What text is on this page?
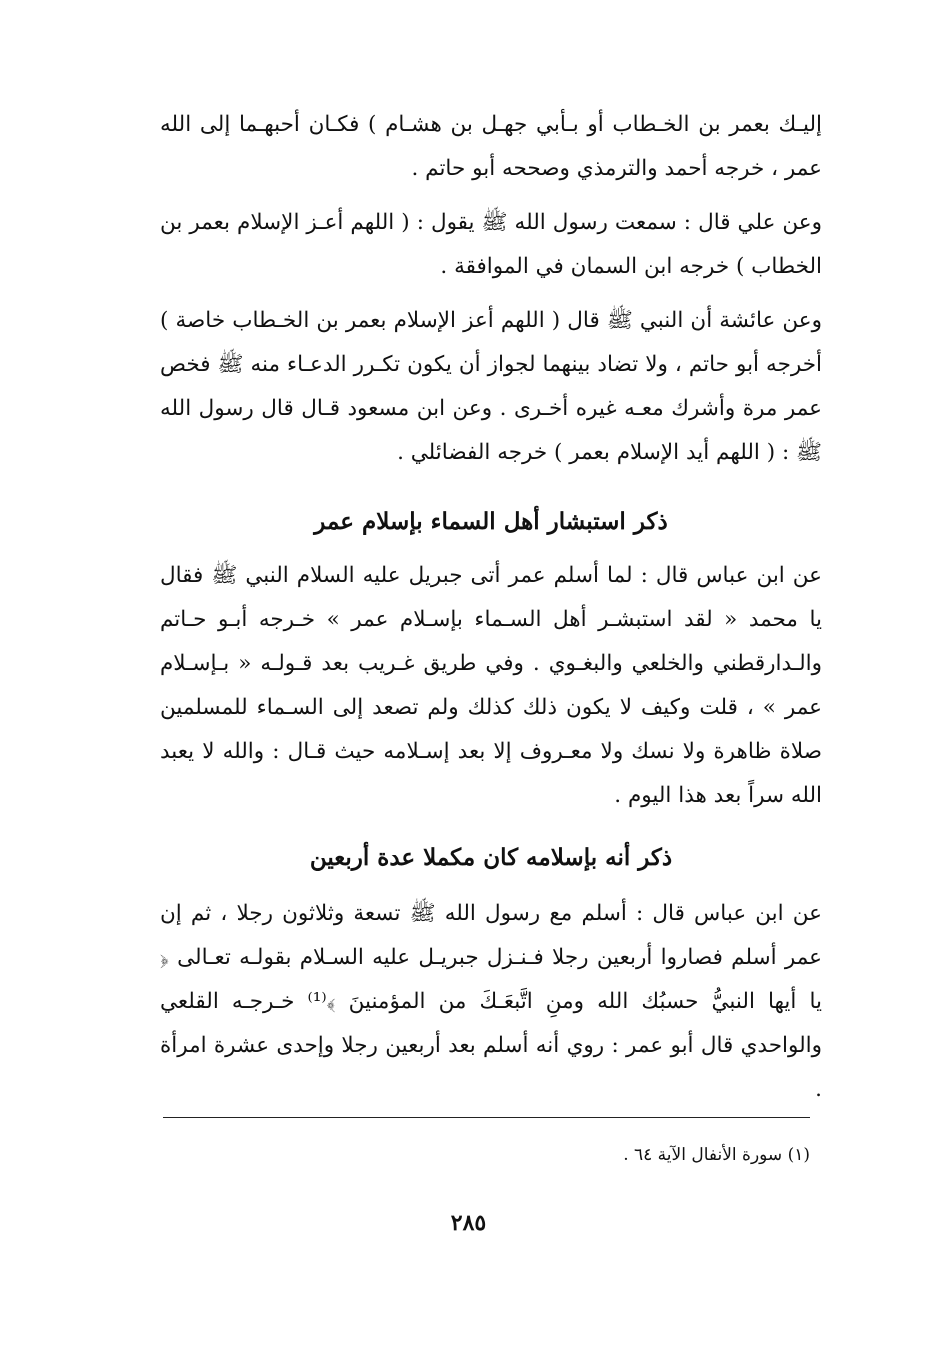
إليـك بعمر بن الخـطاب أو بـأبي جهـل بن هشـام ) فكـان أحبهـما إلى الله عمر ، خرجه أحمد والترمذي وصححه أبو حاتم .

وعن علي قال : سمعت رسول الله ﷺ يقول : ( اللهم أعـز الإسلام بعمر بن الخطاب ) خرجه ابن السمان في الموافقة .

وعن عائشة أن النبي ﷺ قال ( اللهم أعز الإسلام بعمر بن الخـطاب خاصة ) أخرجه أبو حاتم ، ولا تضاد بينهما لجواز أن يكون تكـرر الدعـاء منه ﷺ فخص عمر مرة وأشرك معـه غيره أخـرى . وعن ابن مسعود قـال قال رسول الله ﷺ : ( اللهم أيد الإسلام بعمر ) خرجه الفضائلي .

ذكر استبشار أهل السماء بإسلام عمر

عن ابن عباس قال : لما أسلم عمر أتى جبريل عليه السلام النبي ﷺ فقال يا محمد « لقد استبشـر أهل السـماء بإسـلام عمر » خـرجه أبـو حـاتم والـدارقطني والخلعي والبغـوي . وفي طريق غـريب بعد قـولـه « بـإسـلام عمر » ، قلت وكيف لا يكون ذلك كذلك ولم تصعد إلى السـماء للمسلمين صلاة ظاهرة ولا نسك ولا معـروف إلا بعد إسـلامه حيث قـال : والله لا يعبد الله سراً بعد هذا اليوم .

ذكر أنه بإسلامه كان مكملا عدة أربعين

عن ابن عباس قال : أسلم مع رسول الله ﷺ تسعة وثلاثون رجلا ، ثم إن عمر أسلم فصاروا أربعين رجلا فـنـزل جبريـل عليه السـلام بقولـه تعـالى ﴿ يا أيها النبيُّ حسبُك الله ومنِ اتَّبعَـكَ من المؤمنينَ ﴾⁽¹⁾ خـرجـه القلعي والواحدي قال أبو عمر : روي أنه أسلم بعد أربعين رجلا وإحدى عشرة امرأة .

(١) سورة الأنفال الآية ٦٤ .
٢٨٥
